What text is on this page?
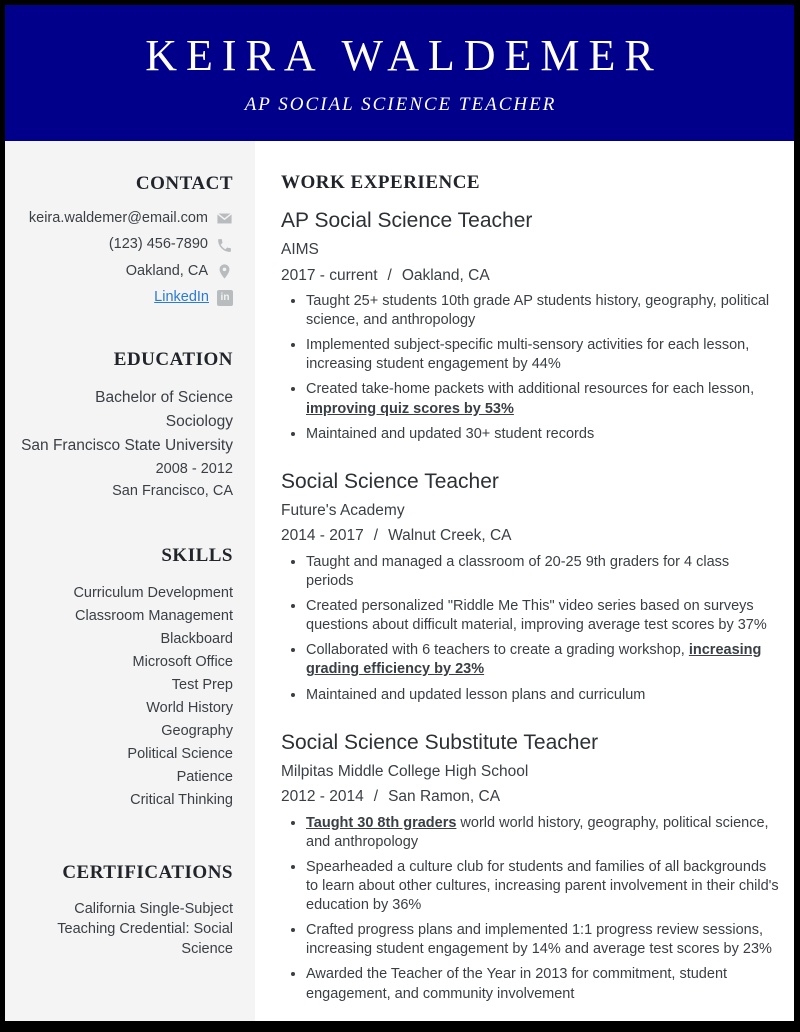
KEIRA WALDEMER
AP SOCIAL SCIENCE TEACHER
CONTACT
keira.waldemer@email.com
(123) 456-7890
Oakland, CA
LinkedIn	in
EDUCATION
Bachelor of Science
Sociology
San Francisco State University
2008 - 2012
San Francisco, CA
SKILLS
Curriculum Development
Classroom Management
Blackboard
Microsoft Office
Test Prep
World History
Geography
Political Science
Patience
Critical Thinking
CERTIFICATIONS
California Single-Subject Teaching Credential: Social Science
WORK EXPERIENCE
AP Social Science Teacher
AIMS
2017 - current / Oakland, CA
• Taught 25+ students 10th grade AP students history, geography, political science, and anthropology
• Implemented subject-specific multi-sensory activities for each lesson, increasing student engagement by 44%
• Created take-home packets with additional resources for each lesson, improving quiz scores by 53%
• Maintained and updated 30+ student records
Social Science Teacher
Future's Academy
2014 - 2017 / Walnut Creek, CA
• Taught and managed a classroom of 20-25 9th graders for 4 class periods
• Created personalized "Riddle Me This" video series based on surveys questions about difficult material, improving average test scores by 37%
• Collaborated with 6 teachers to create a grading workshop, increasing grading efficiency by 23%
• Maintained and updated lesson plans and curriculum
Social Science Substitute Teacher
Milpitas Middle College High School
2012 - 2014 / San Ramon, CA
• Taught 30 8th graders world world history, geography, political science, and anthropology
• Spearheaded a culture club for students and families of all backgrounds to learn about other cultures, increasing parent involvement in their child's education by 36%
• Crafted progress plans and implemented 1:1 progress review sessions, increasing student engagement by 14% and average test scores by 23%
• Awarded the Teacher of the Year in 2013 for commitment, student engagement, and community involvement
